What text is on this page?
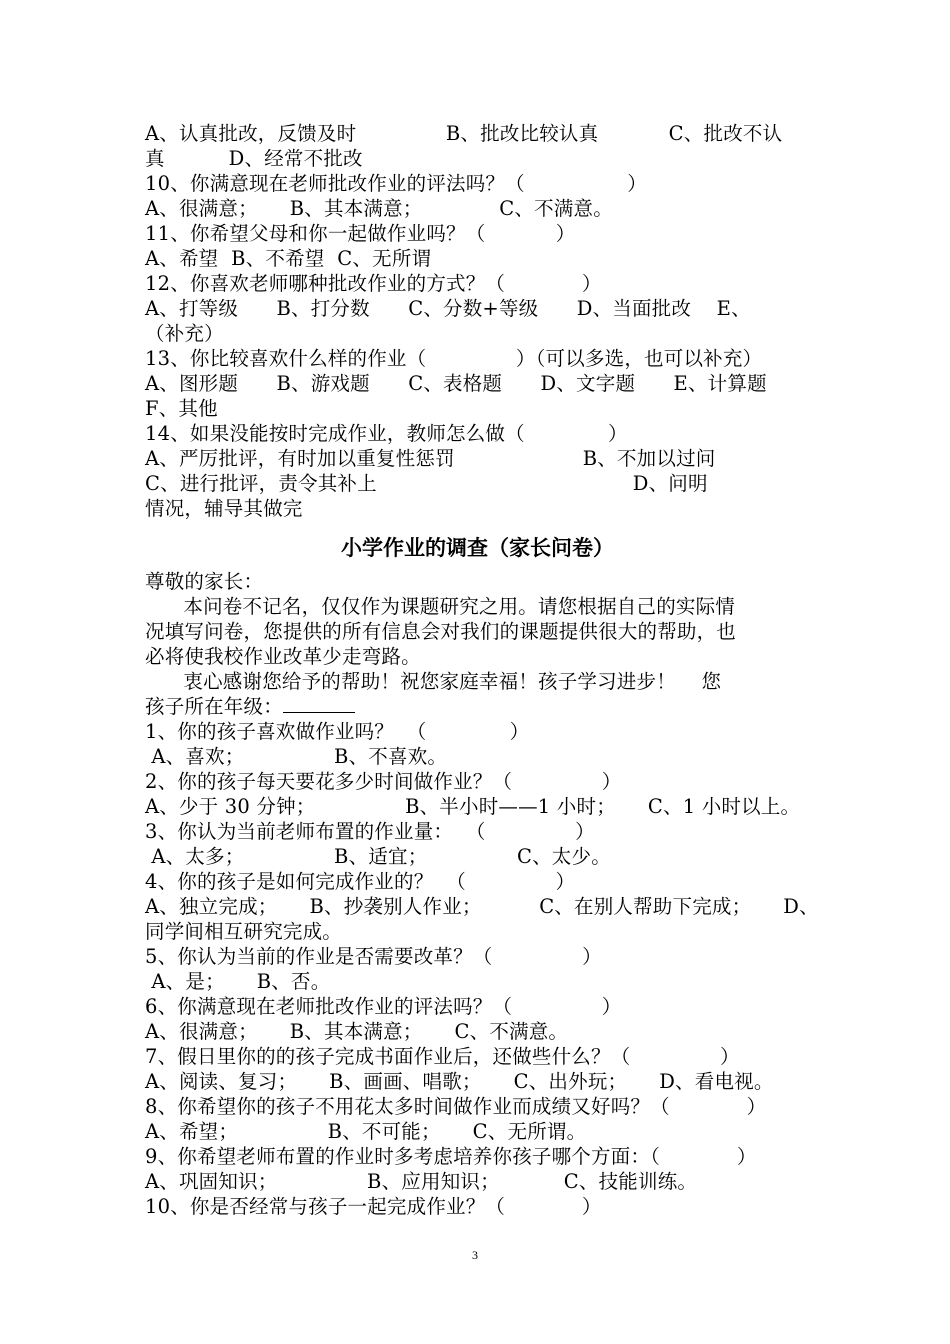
A、认真批改，反馈及时              B、批改比较认真           C、批改不认
真          D、经常不批改
10、你满意现在老师批改作业的评法吗？（                ）
A、很满意；     B、其本满意；            C、不满意。
11、你希望父母和你一起做作业吗？（           ）
A、希望  B、不希望  C、无所谓
12、你喜欢老师哪种批改作业的方式？（            ）
A、打等级      B、打分数      C、分数+等级      D、当面批改    E、
（补充）
13、你比较喜欢什么样的作业（              ）（可以多选，也可以补充）
A、图形题      B、游戏题      C、表格题      D、文字题      E、计算题
F、其他
14、如果没能按时完成作业，教师怎么做（             ）
A、严厉批评，有时加以重复性惩罚                    B、不加以过问
C、进行批评，责令其补上                                        D、问明
情况，辅导其做完
小学作业的调查（家长问卷）
尊敬的家长：
本问卷不记名，仅仅作为课题研究之用。请您根据自己的实际情
况填写问卷，您提供的所有信息会对我们的课题提供很大的帮助，也
必将使我校作业改革少走弯路。
衷心感谢您给予的帮助！祝您家庭幸福！孩子学习进步！    您
孩子所在年级：
1、你的孩子喜欢做作业吗？  （             ）
A、喜欢；              B、不喜欢。
2、你的孩子每天要花多少时间做作业？（              ）
A、少于 30 分钟；              B、半小时——1 小时；     C、1 小时以上。
3、你认为当前老师布置的作业量：  （              ）
A、太多；              B、适宜；              C、太少。
4、你的孩子是如何完成作业的？  （              ）
A、独立完成；     B、抄袭别人作业；         C、在别人帮助下完成；     D、
同学间相互研究完成。
5、你认为当前的作业是否需要改革？（              ）
A、是；     B、否。
6、你满意现在老师批改作业的评法吗？（              ）
A、很满意；     B、其本满意；     C、不满意。
7、假日里你的的孩子完成书面作业后，还做些什么？（              ）
A、阅读、复习；     B、画画、唱歌；     C、出外玩；     D、看电视。
8、你希望你的孩子不用花太多时间做作业而成绩又好吗？（            ）
A、希望；              B、不可能；     C、无所谓。
9、你希望老师布置的作业时多考虑培养你孩子哪个方面：（            ）
A、巩固知识；              B、应用知识；          C、技能训练。
10、你是否经常与孩子一起完成作业？（            ）
3
